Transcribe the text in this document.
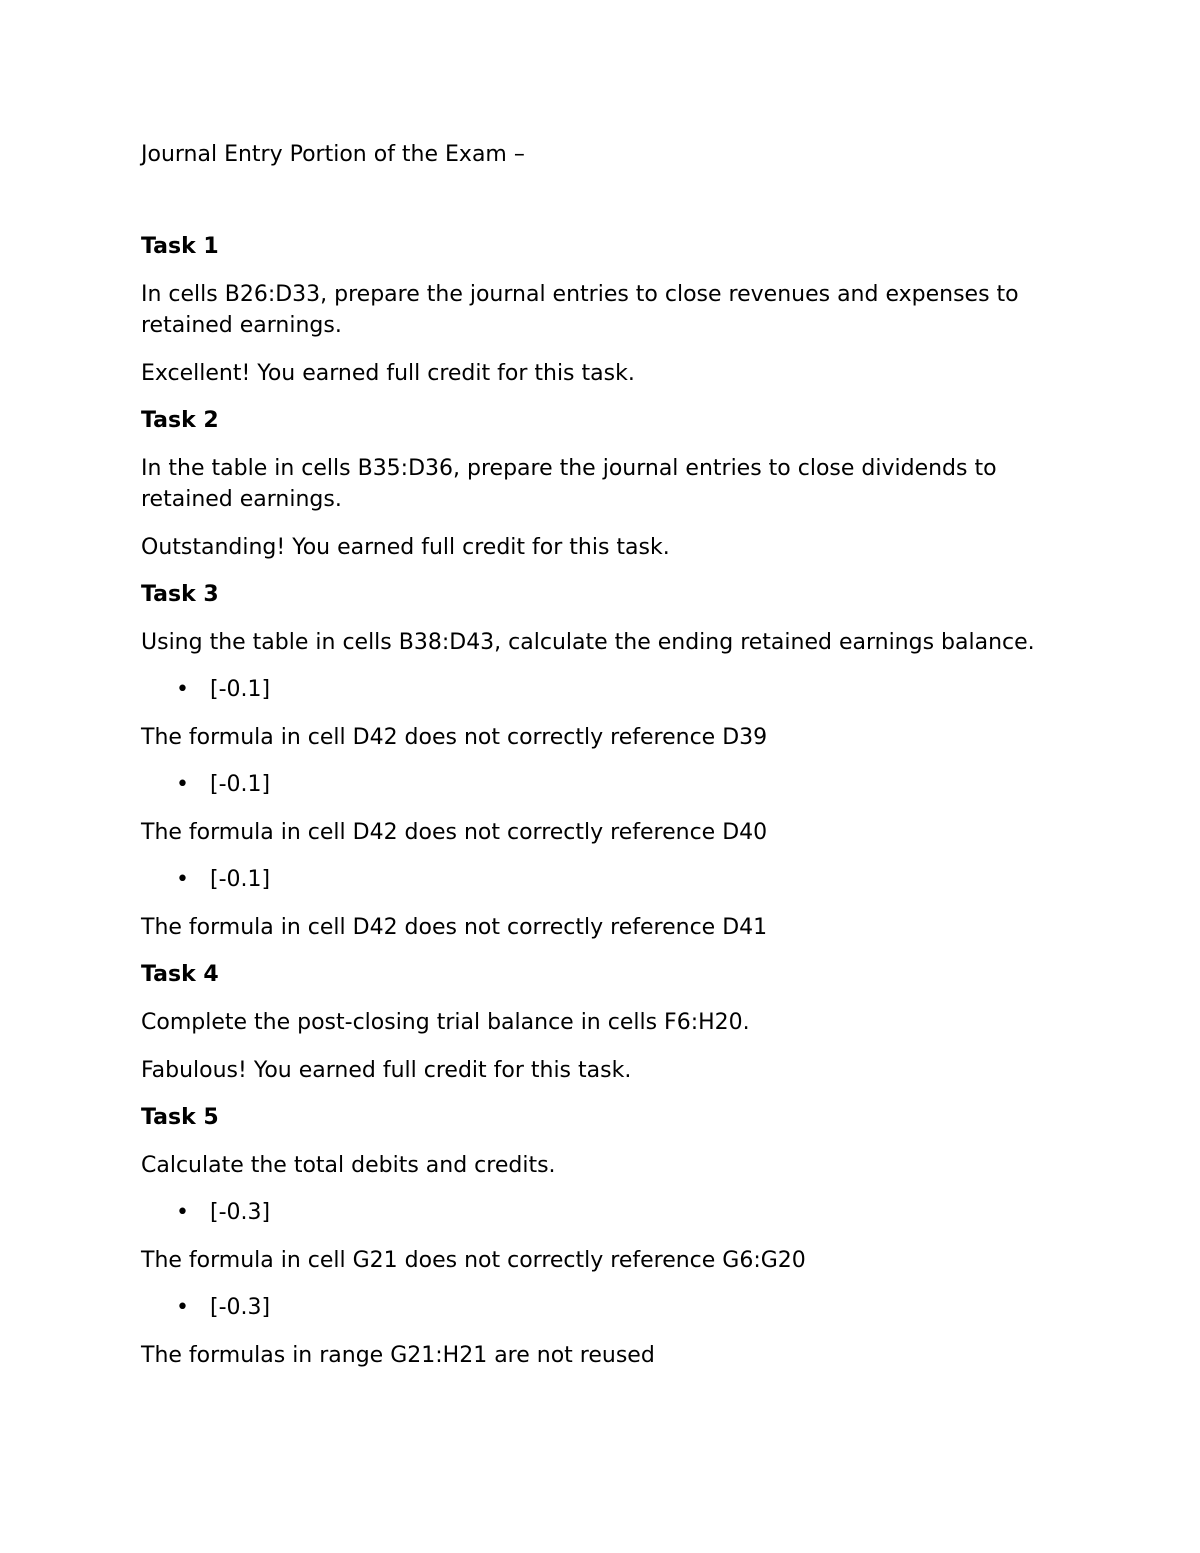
Journal Entry Portion of the Exam –
Task 1
In cells B26:D33, prepare the journal entries to close revenues and expenses to retained earnings.
Excellent! You earned full credit for this task.
Task 2
In the table in cells B35:D36, prepare the journal entries to close dividends to retained earnings.
Outstanding! You earned full credit for this task.
Task 3
Using the table in cells B38:D43, calculate the ending retained earnings balance.
• [-0.1]
The formula in cell D42 does not correctly reference D39
• [-0.1]
The formula in cell D42 does not correctly reference D40
• [-0.1]
The formula in cell D42 does not correctly reference D41
Task 4
Complete the post-closing trial balance in cells F6:H20.
Fabulous! You earned full credit for this task.
Task 5
Calculate the total debits and credits.
• [-0.3]
The formula in cell G21 does not correctly reference G6:G20
• [-0.3]
The formulas in range G21:H21 are not reused
